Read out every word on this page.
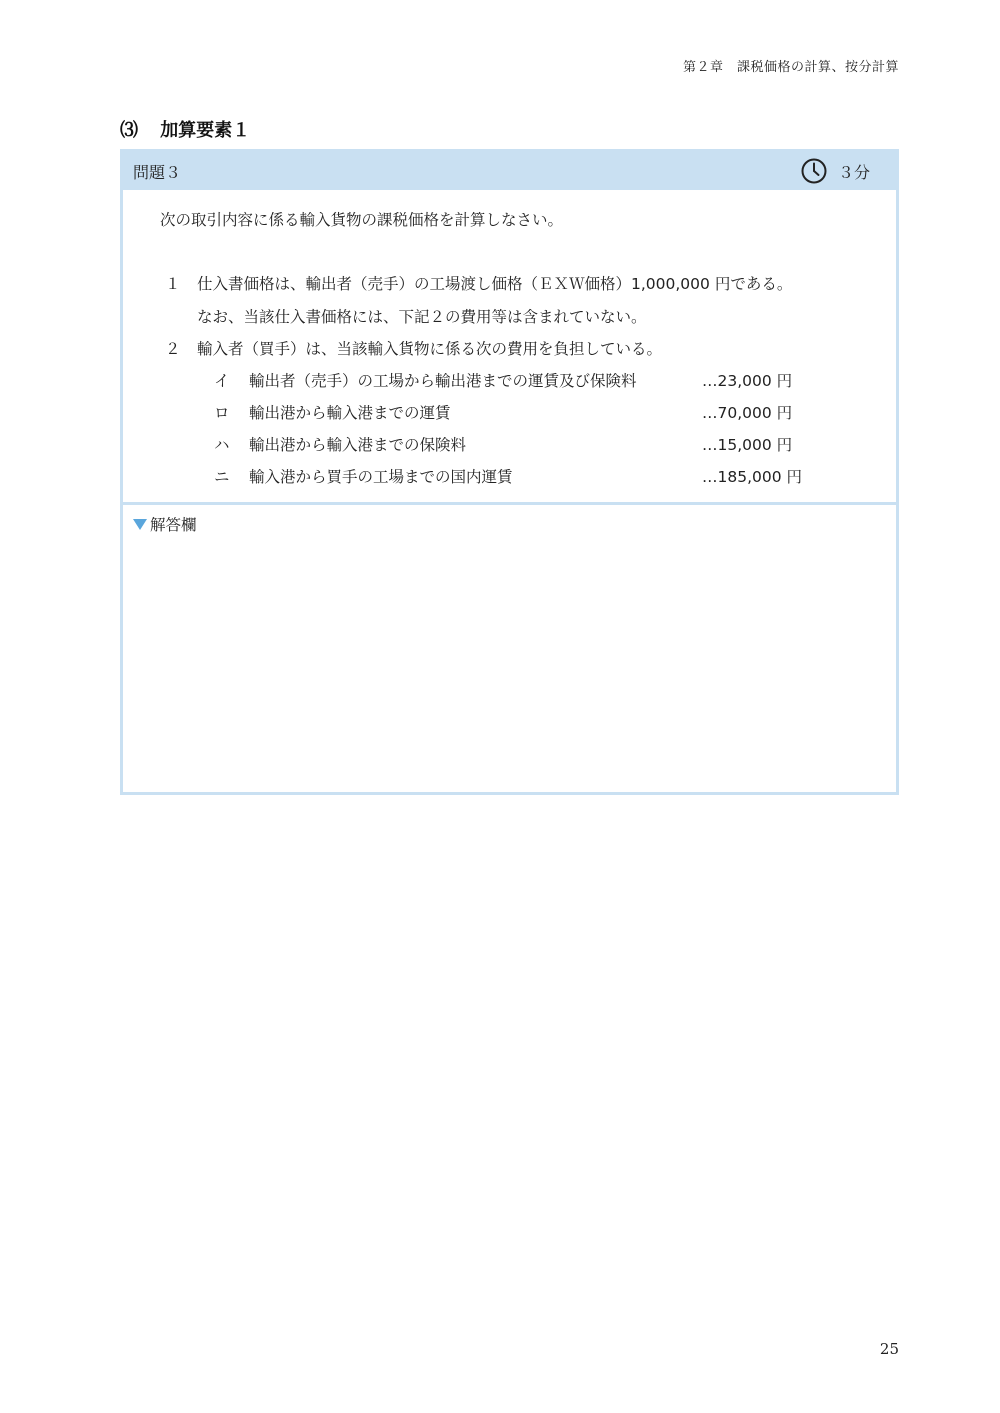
第２章　課税価格の計算、按分計算
⑶ 加算要素１
問題３	３分
次の取引内容に係る輸入貨物の課税価格を計算しなさい。
１ 仕入書価格は、輸出者（売手）の工場渡し価格（ＥＸＷ価格）1,000,000 円である。
なお、当該仕入書価格には、下記２の費用等は含まれていない。
２ 輸入者（買手）は、当該輸入貨物に係る次の費用を負担している。
イ 輸出者（売手）の工場から輸出港までの運賃及び保険料	…23,000 円
ロ 輸出港から輸入港までの運賃	…70,000 円
ハ 輸出港から輸入港までの保険料	…15,000 円
ニ 輸入港から買手の工場までの国内運賃	…185,000 円
解答欄
25
